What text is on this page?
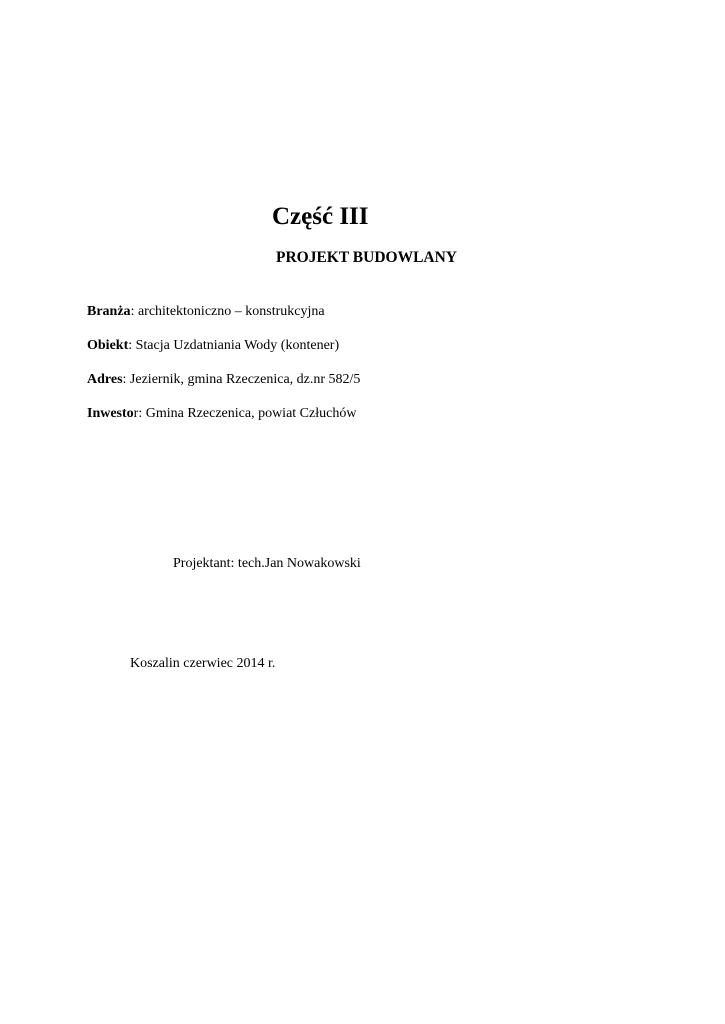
Część III
PROJEKT BUDOWLANY
Branża: architektoniczno – konstrukcyjna
Obiekt: Stacja Uzdatniania Wody (kontener)
Adres: Jeziernik, gmina Rzeczenica, dz.nr 582/5
Inwestor: Gmina Rzeczenica, powiat Człuchów
Projektant: tech.Jan Nowakowski
Koszalin czerwiec 2014 r.
